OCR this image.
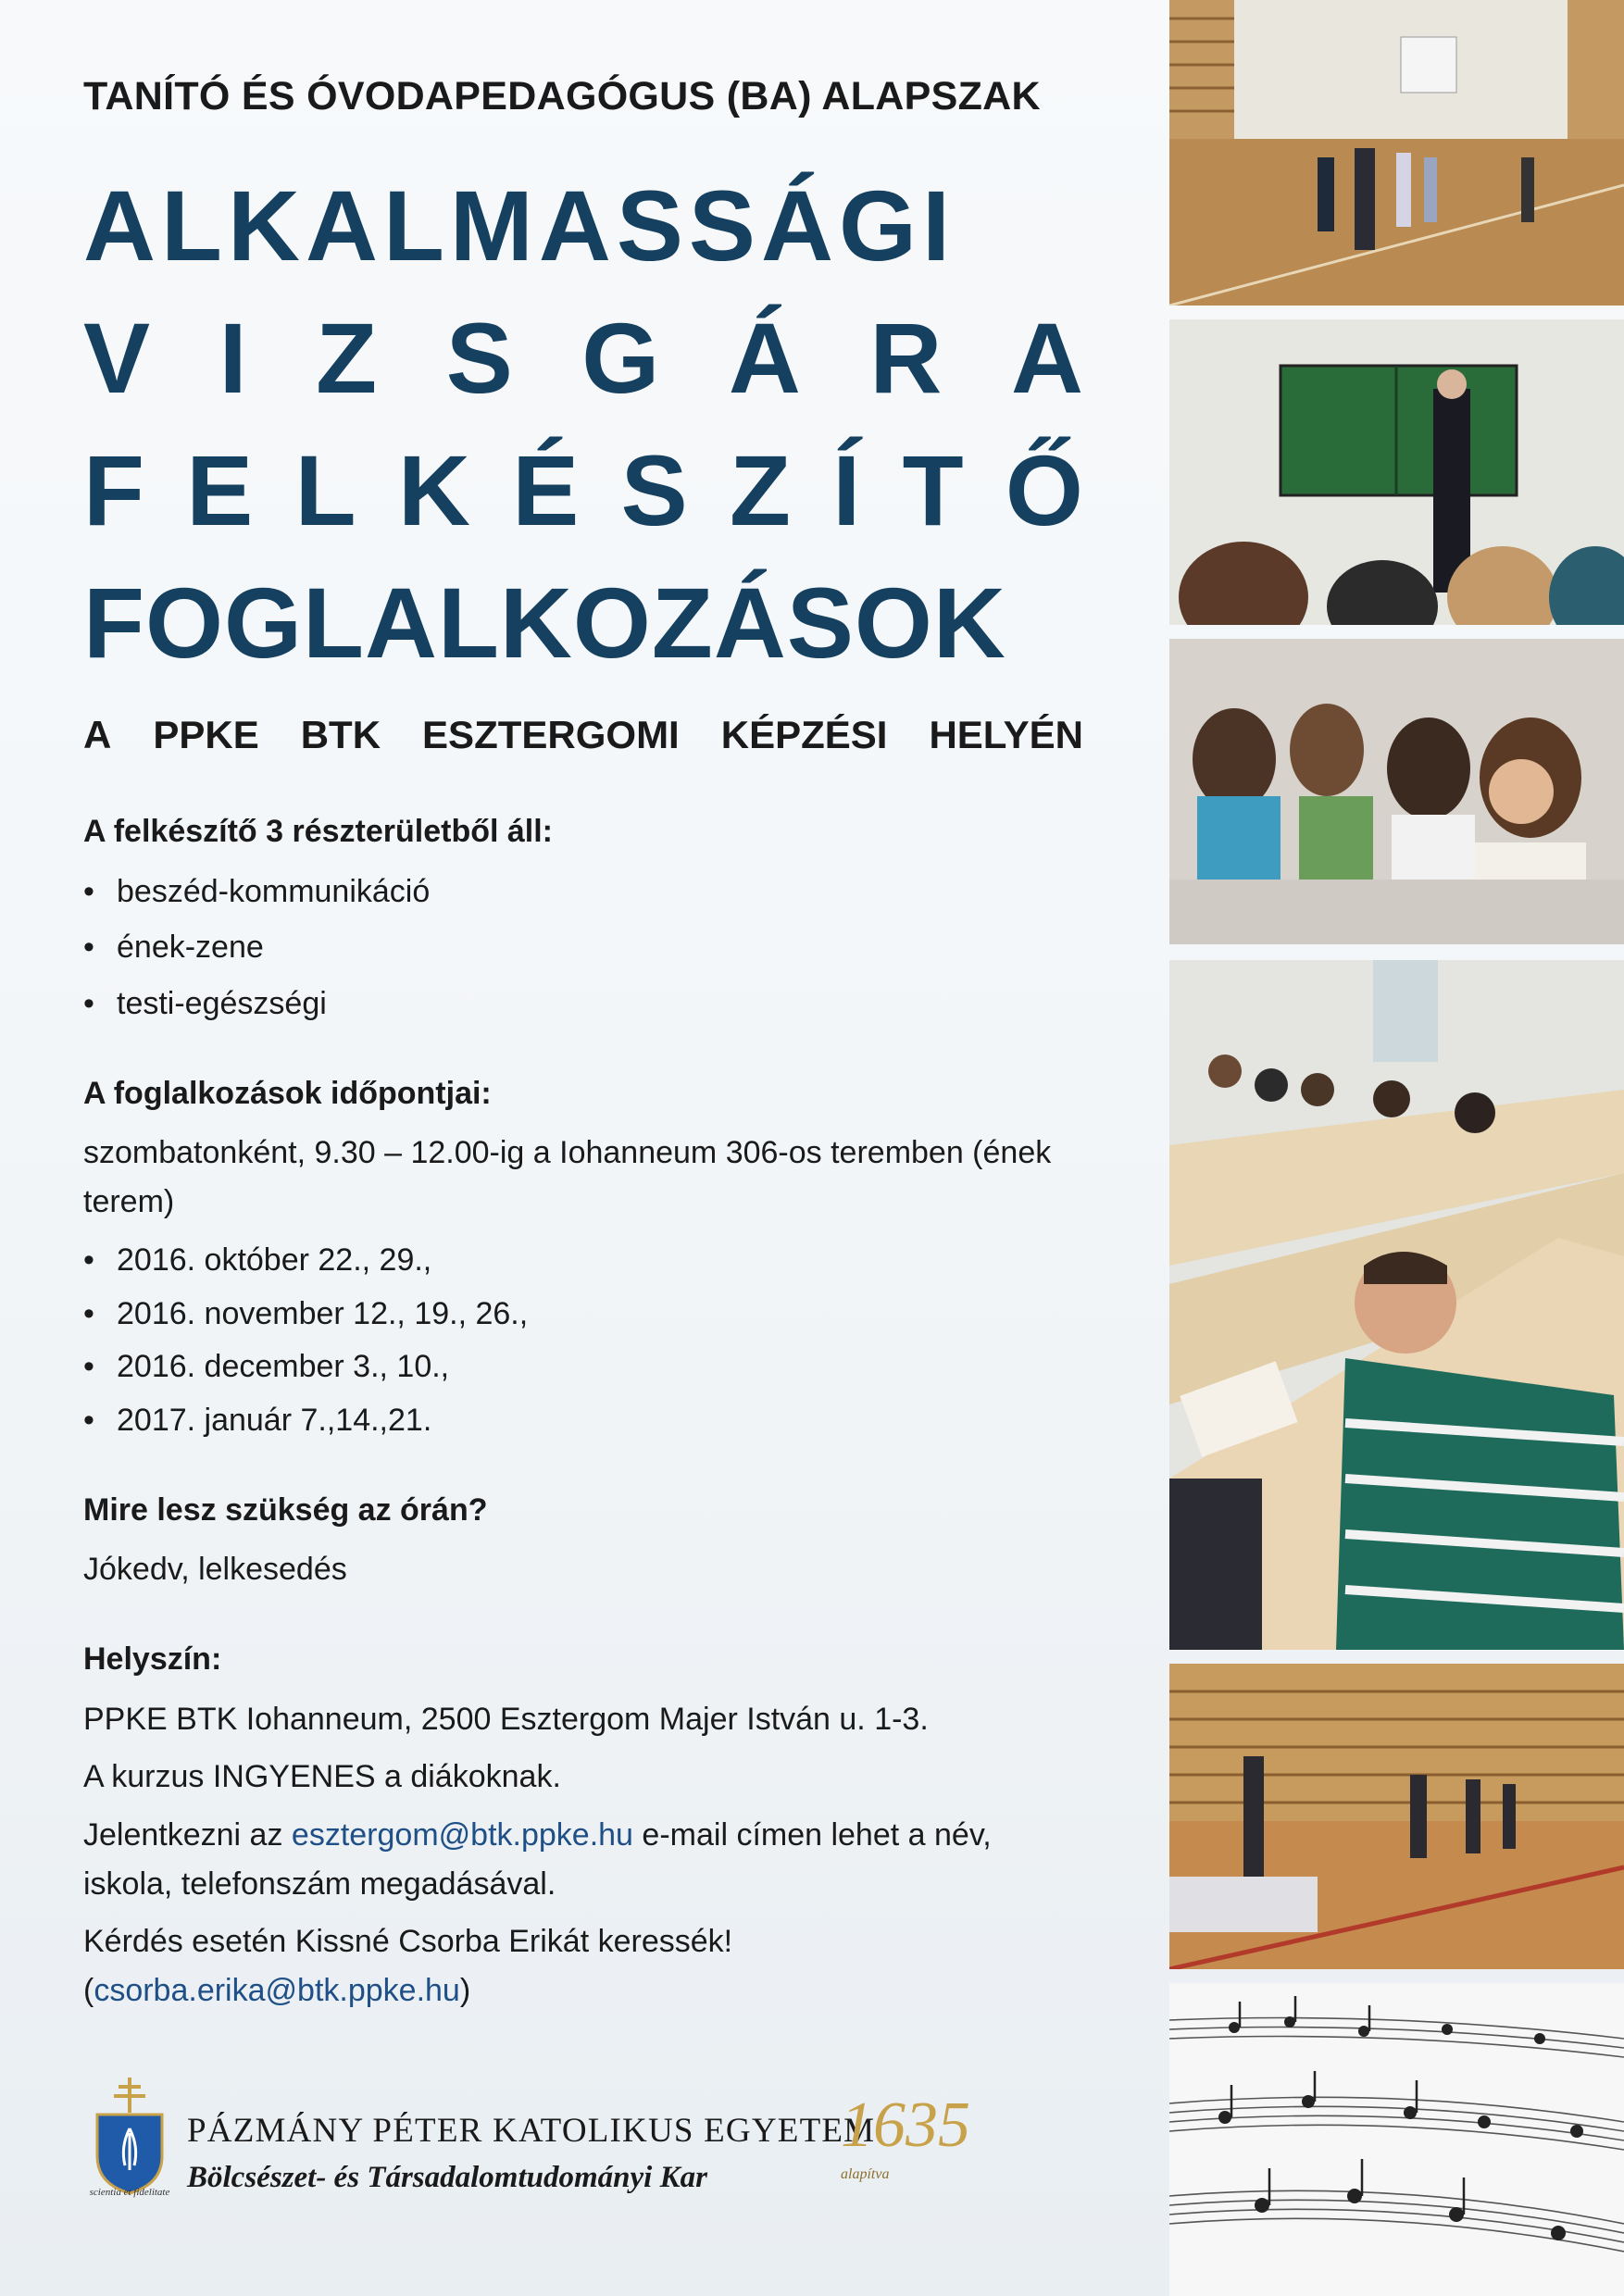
TANÍTÓ ÉS ÓVODAPEDAGÓGUS (BA) ALAPSZAK
ALKALMASSÁGI
V I Z S G Á R A
F E L K É S Z Í T Ő
FOGLALKOZÁSOK
A PPKE BTK ESZTERGOMI KÉPZÉSI HELYÉN
A felkészítő 3 részterületből áll:
• beszéd-kommunikáció
• ének-zene
• testi-egészségi
A foglalkozások időpontjai:
szombatonként, 9.30 – 12.00-ig a Iohanneum 306-os teremben (ének terem)
• 2016. október 22., 29.,
• 2016. november 12., 19., 26.,
• 2016. december 3., 10.,
• 2017. január 7.,14.,21.
Mire lesz szükség az órán?
Jókedv, lelkesedés
Helyszín:
PPKE BTK Iohanneum, 2500 Esztergom Majer István u. 1-3.
A kurzus INGYENES a diákoknak.
Jelentkezni az esztergom@btk.ppke.hu e-mail címen lehet a név, iskola, telefonszám megadásával.
Kérdés esetén Kissné Csorba Erikát keressék!
(csorba.erika@btk.ppke.hu)
scientia et fidelitate
PÁZMÁNY PÉTER KATOLIKUS EGYETEM
Bölcsészet- és Társadalomtudományi Kar
1635
alapítva
